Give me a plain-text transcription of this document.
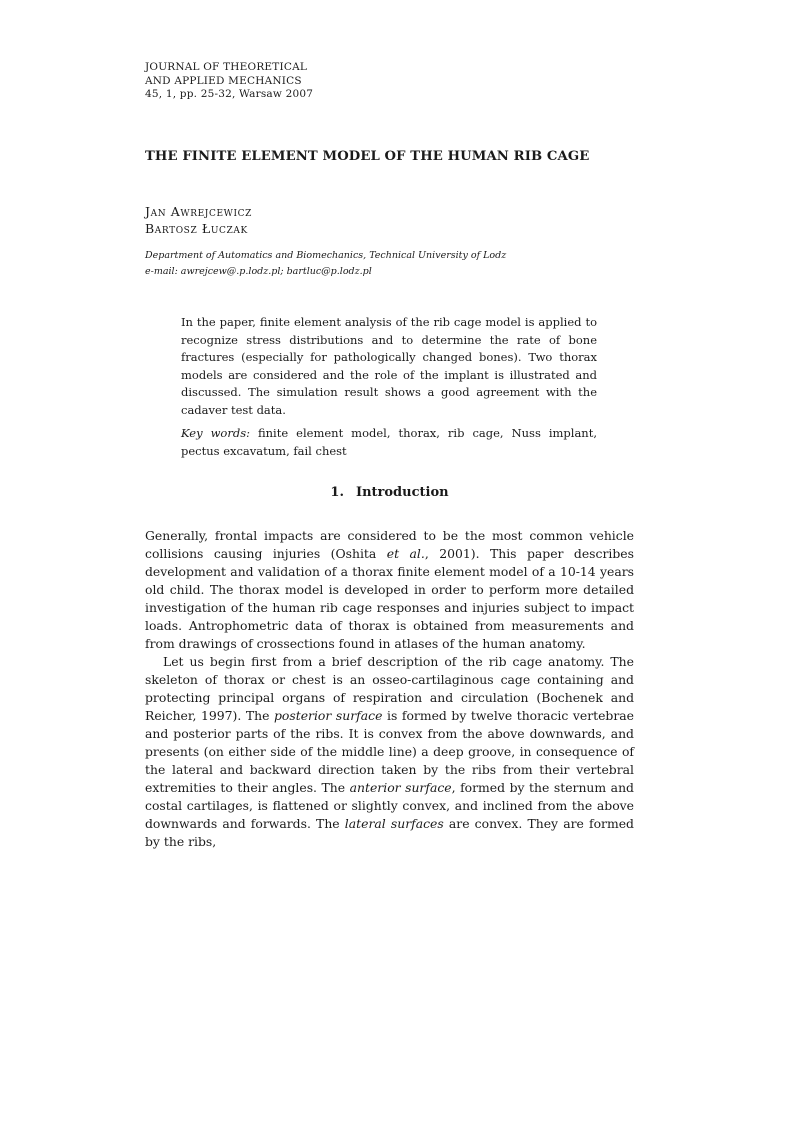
JOURNAL OF THEORETICAL
AND APPLIED MECHANICS
45, 1, pp. 25-32, Warsaw 2007
THE FINITE ELEMENT MODEL OF THE HUMAN RIB CAGE
Jan Awrejcewicz
Bartosz Łuczak
Department of Automatics and Biomechanics, Technical University of Lodz
e-mail: awrejcew@.p.lodz.pl; bartluc@p.lodz.pl

In the paper, finite element analysis of the rib cage model is applied to recognize stress distributions and to determine the rate of bone fractures (especially for pathologically changed bones). Two thorax models are considered and the role of the implant is illustrated and discussed. The simulation result shows a good agreement with the cadaver test data.

Key words: finite element model, thorax, rib cage, Nuss implant, pectus excavatum, fail chest

1. Introduction

Generally, frontal impacts are considered to be the most common vehicle collisions causing injuries (Oshita et al., 2001). This paper describes development and validation of a thorax finite element model of a 10-14 years old child. The thorax model is developed in order to perform more detailed investigation of the human rib cage responses and injuries subject to impact loads. Antrophometric data of thorax is obtained from measurements and from drawings of crossections found in atlases of the human anatomy.

Let us begin first from a brief description of the rib cage anatomy. The skeleton of thorax or chest is an osseo-cartilaginous cage containing and protecting principal organs of respiration and circulation (Bochenek and Reicher, 1997). The posterior surface is formed by twelve thoracic vertebrae and posterior parts of the ribs. It is convex from the above downwards, and presents (on either side of the middle line) a deep groove, in consequence of the lateral and backward direction taken by the ribs from their vertebral extremities to their angles. The anterior surface, formed by the sternum and costal cartilages, is flattened or slightly convex, and inclined from the above downwards and forwards. The lateral surfaces are convex. They are formed by the ribs,
